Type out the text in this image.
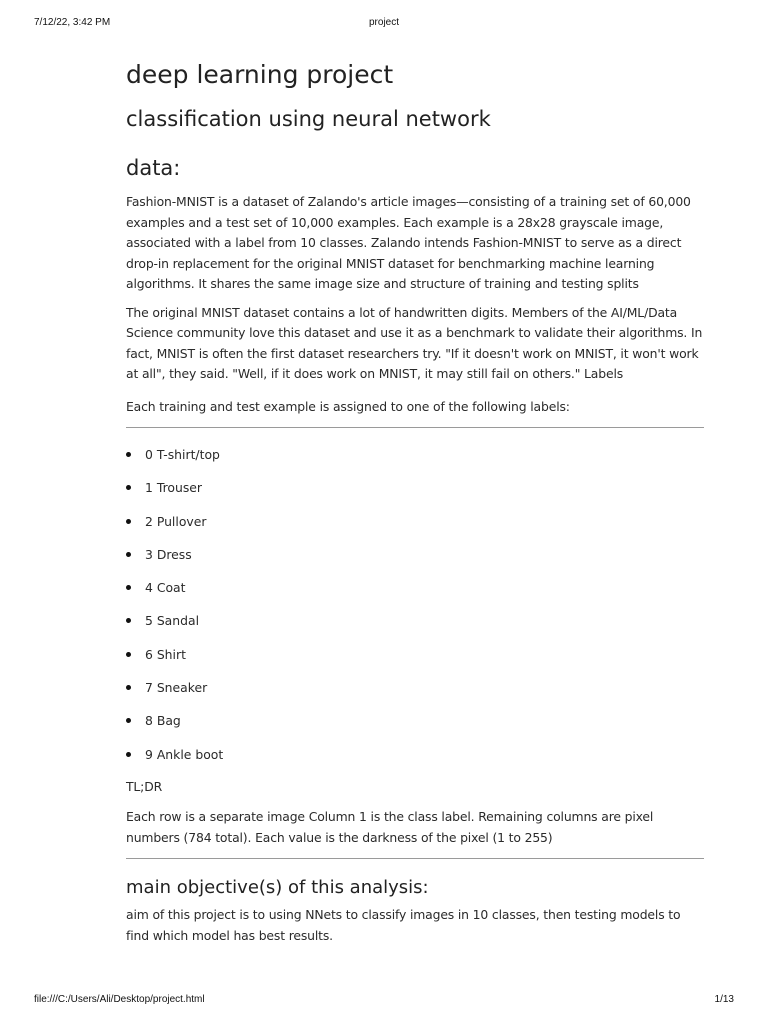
7/12/22, 3:42 PM	project
deep learning project
classification using neural network
data:

Fashion-MNIST is a dataset of Zalando's article images—consisting of a training set of 60,000 examples and a test set of 10,000 examples. Each example is a 28x28 grayscale image, associated with a label from 10 classes. Zalando intends Fashion-MNIST to serve as a direct drop-in replacement for the original MNIST dataset for benchmarking machine learning algorithms. It shares the same image size and structure of training and testing splits

The original MNIST dataset contains a lot of handwritten digits. Members of the AI/ML/Data Science community love this dataset and use it as a benchmark to validate their algorithms. In fact, MNIST is often the first dataset researchers try. "If it doesn't work on MNIST, it won't work at all", they said. "Well, if it does work on MNIST, it may still fail on others." Labels

Each training and test example is assigned to one of the following labels:

0 T-shirt/top
1 Trouser
2 Pullover
3 Dress
4 Coat
5 Sandal
6 Shirt
7 Sneaker
8 Bag
9 Ankle boot

TL;DR

Each row is a separate image Column 1 is the class label. Remaining columns are pixel numbers (784 total). Each value is the darkness of the pixel (1 to 255)

main objective(s) of this analysis:

aim of this project is to using NNets to classify images in 10 classes, then testing models to find which model has best results.

file:///C:/Users/Ali/Desktop/project.html	1/13
